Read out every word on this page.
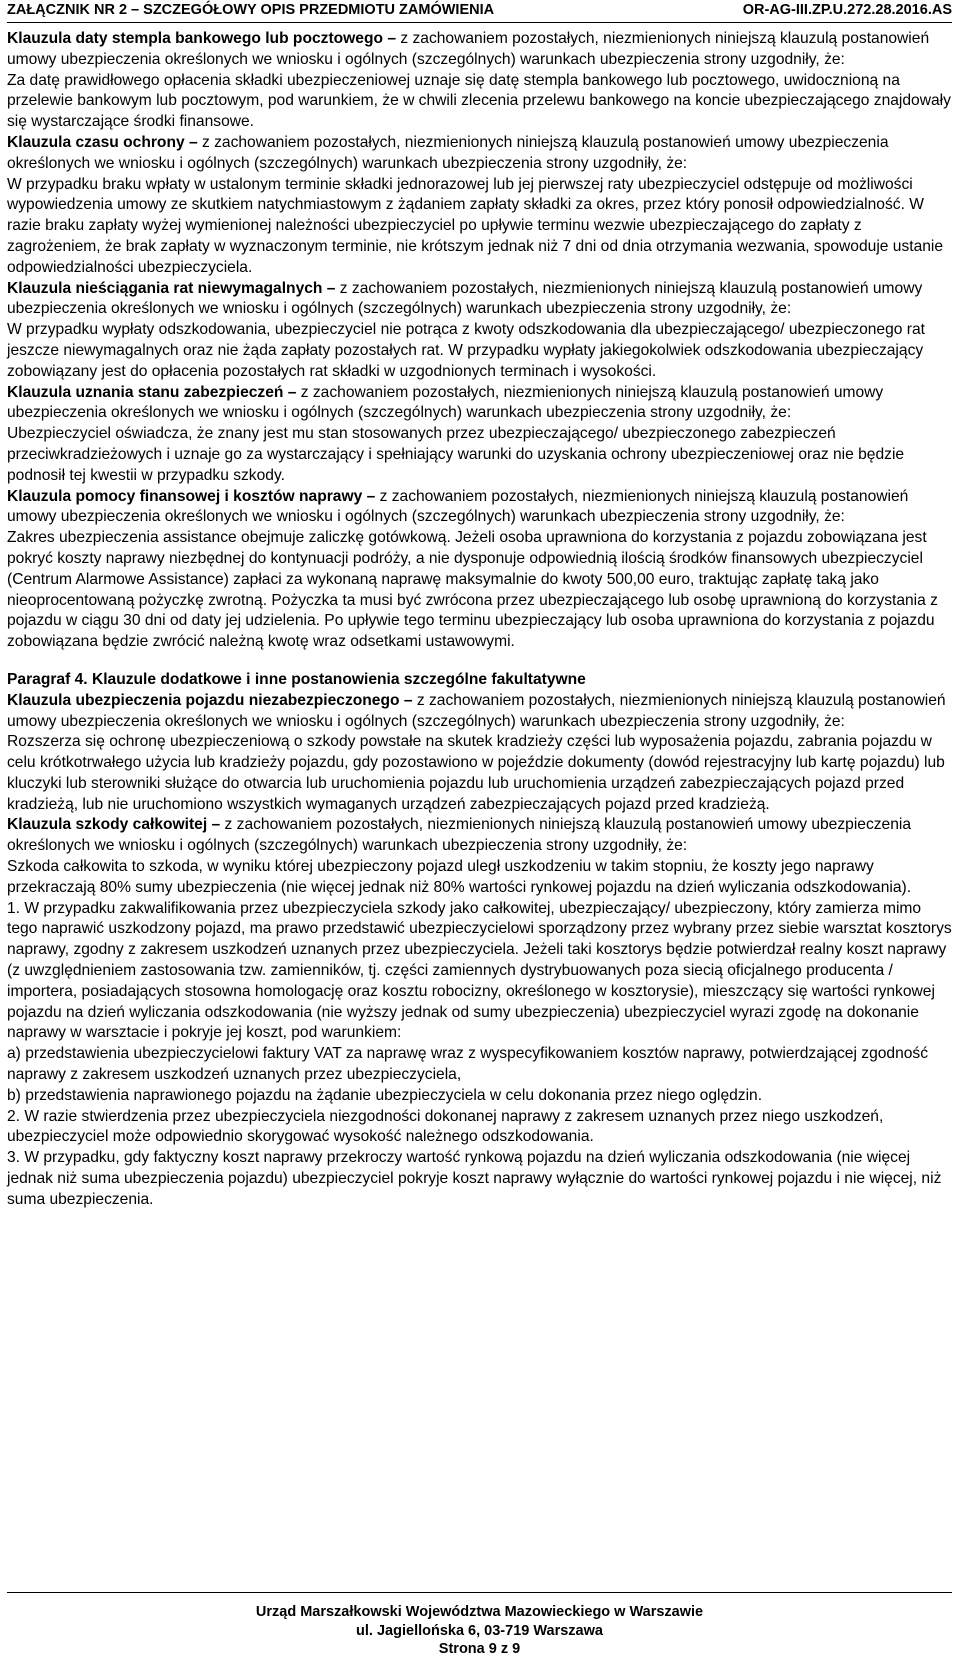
ZAŁĄCZNIK NR 2 – SZCZEGÓŁOWY OPIS PRZEDMIOTU ZAMÓWIENIA	OR-AG-III.ZP.U.272.28.2016.AS

Klauzula daty stempla bankowego lub pocztowego – z zachowaniem pozostałych, niezmienionych niniejszą klauzulą postanowień umowy ubezpieczenia określonych we wniosku i ogólnych (szczególnych) warunkach ubezpieczenia strony uzgodniły, że:

Za datę prawidłowego opłacenia składki ubezpieczeniowej uznaje się datę stempla bankowego lub pocztowego, uwidocznioną na przelewie bankowym lub pocztowym, pod warunkiem, że w chwili zlecenia przelewu bankowego na koncie ubezpieczającego znajdowały się wystarczające środki finansowe.

Klauzula czasu ochrony – z zachowaniem pozostałych, niezmienionych niniejszą klauzulą postanowień umowy ubezpieczenia określonych we wniosku i ogólnych (szczególnych) warunkach ubezpieczenia strony uzgodniły, że:

W przypadku braku wpłaty w ustalonym terminie składki jednorazowej lub jej pierwszej raty ubezpieczyciel odstępuje od możliwości wypowiedzenia umowy ze skutkiem natychmiastowym z żądaniem zapłaty składki za okres, przez który ponosił odpowiedzialność. W razie braku zapłaty wyżej wymienionej należności ubezpieczyciel po upływie terminu wezwie ubezpieczającego do zapłaty z zagrożeniem, że brak zapłaty w wyznaczonym terminie, nie krótszym jednak niż 7 dni od dnia otrzymania wezwania, spowoduje ustanie odpowiedzialności ubezpieczyciela.

Klauzula nieściągania rat niewymagalnych – z zachowaniem pozostałych, niezmienionych niniejszą klauzulą postanowień umowy ubezpieczenia określonych we wniosku i ogólnych (szczególnych) warunkach ubezpieczenia strony uzgodniły, że:

W przypadku wypłaty odszkodowania, ubezpieczyciel nie potrąca z kwoty odszkodowania dla ubezpieczającego/ ubezpieczonego rat jeszcze niewymagalnych oraz nie żąda zapłaty pozostałych rat. W przypadku wypłaty jakiegokolwiek odszkodowania ubezpieczający zobowiązany jest do opłacenia pozostałych rat składki w uzgodnionych terminach i wysokości.

Klauzula uznania stanu zabezpieczeń – z zachowaniem pozostałych, niezmienionych niniejszą klauzulą postanowień umowy ubezpieczenia określonych we wniosku i ogólnych (szczególnych) warunkach ubezpieczenia strony uzgodniły, że:

Ubezpieczyciel oświadcza, że znany jest mu stan stosowanych przez ubezpieczającego/ ubezpieczonego zabezpieczeń przeciwkradzieżowych i uznaje go za wystarczający i spełniający warunki do uzyskania ochrony ubezpieczeniowej oraz nie będzie podnosił tej kwestii w przypadku szkody.

Klauzula pomocy finansowej i kosztów naprawy – z zachowaniem pozostałych, niezmienionych niniejszą klauzulą postanowień umowy ubezpieczenia określonych we wniosku i ogólnych (szczególnych) warunkach ubezpieczenia strony uzgodniły, że:

Zakres ubezpieczenia assistance obejmuje zaliczkę gotówkową. Jeżeli osoba uprawniona do korzystania z pojazdu zobowiązana jest pokryć koszty naprawy niezbędnej do kontynuacji podróży, a nie dysponuje odpowiednią ilością środków finansowych ubezpieczyciel (Centrum Alarmowe Assistance) zapłaci za wykonaną naprawę maksymalnie do kwoty 500,00 euro, traktując zapłatę taką jako nieoprocentowaną pożyczkę zwrotną. Pożyczka ta musi być zwrócona przez ubezpieczającego lub osobę uprawnioną do korzystania z pojazdu w ciągu 30 dni od daty jej udzielenia. Po upływie tego terminu ubezpieczający lub osoba uprawniona do korzystania z pojazdu zobowiązana będzie zwrócić należną kwotę wraz odsetkami ustawowymi.

Paragraf 4. Klauzule dodatkowe i inne postanowienia szczególne fakultatywne

Klauzula ubezpieczenia pojazdu niezabezpieczonego – z zachowaniem pozostałych, niezmienionych niniejszą klauzulą postanowień umowy ubezpieczenia określonych we wniosku i ogólnych (szczególnych) warunkach ubezpieczenia strony uzgodniły, że:

Rozszerza się ochronę ubezpieczeniową o szkody powstałe na skutek kradzieży części lub wyposażenia pojazdu, zabrania pojazdu w celu krótkotrwałego użycia lub kradzieży pojazdu, gdy pozostawiono w pojeździe dokumenty (dowód rejestracyjny lub kartę pojazdu) lub kluczyki lub sterowniki służące do otwarcia lub uruchomienia pojazdu lub uruchomienia urządzeń zabezpieczających pojazd przed kradzieżą, lub nie uruchomiono wszystkich wymaganych urządzeń zabezpieczających pojazd przed kradzieżą.

Klauzula szkody całkowitej – z zachowaniem pozostałych, niezmienionych niniejszą klauzulą postanowień umowy ubezpieczenia określonych we wniosku i ogólnych (szczególnych) warunkach ubezpieczenia strony uzgodniły, że:

Szkoda całkowita to szkoda, w wyniku której ubezpieczony pojazd uległ uszkodzeniu w takim stopniu, że koszty jego naprawy przekraczają 80% sumy ubezpieczenia (nie więcej jednak niż 80% wartości rynkowej pojazdu na dzień wyliczania odszkodowania).

1. W przypadku zakwalifikowania przez ubezpieczyciela szkody jako całkowitej, ubezpieczający/ ubezpieczony, który zamierza mimo tego naprawić uszkodzony pojazd, ma prawo przedstawić ubezpieczycielowi sporządzony przez wybrany przez siebie warsztat kosztorys naprawy, zgodny z zakresem uszkodzeń uznanych przez ubezpieczyciela. Jeżeli taki kosztorys będzie potwierdzał realny koszt naprawy (z uwzględnieniem zastosowania tzw. zamienników, tj. części zamiennych dystrybuowanych poza siecią oficjalnego producenta / importera, posiadających stosowna homologację oraz kosztu robocizny, określonego w kosztorysie), mieszczący się wartości rynkowej pojazdu na dzień wyliczania odszkodowania (nie wyższy jednak od sumy ubezpieczenia) ubezpieczyciel wyrazi zgodę na dokonanie naprawy w warsztacie i pokryje jej koszt, pod warunkiem:

a) przedstawienia ubezpieczycielowi faktury VAT za naprawę wraz z wyspecyfikowaniem kosztów naprawy, potwierdzającej zgodność naprawy z zakresem uszkodzeń uznanych przez ubezpieczyciela,

b) przedstawienia naprawionego pojazdu na żądanie ubezpieczyciela w celu dokonania przez niego oględzin.

2. W razie stwierdzenia przez ubezpieczyciela niezgodności dokonanej naprawy z zakresem uznanych przez niego uszkodzeń, ubezpieczyciel może odpowiednio skorygować wysokość należnego odszkodowania.

3. W przypadku, gdy faktyczny koszt naprawy przekroczy wartość rynkową pojazdu na dzień wyliczania odszkodowania (nie więcej jednak niż suma ubezpieczenia pojazdu) ubezpieczyciel pokryje koszt naprawy wyłącznie do wartości rynkowej pojazdu i nie więcej, niż suma ubezpieczenia.

Urząd Marszałkowski Województwa Mazowieckiego w Warszawie
ul. Jagiellońska 6, 03-719 Warszawa
Strona 9 z 9
